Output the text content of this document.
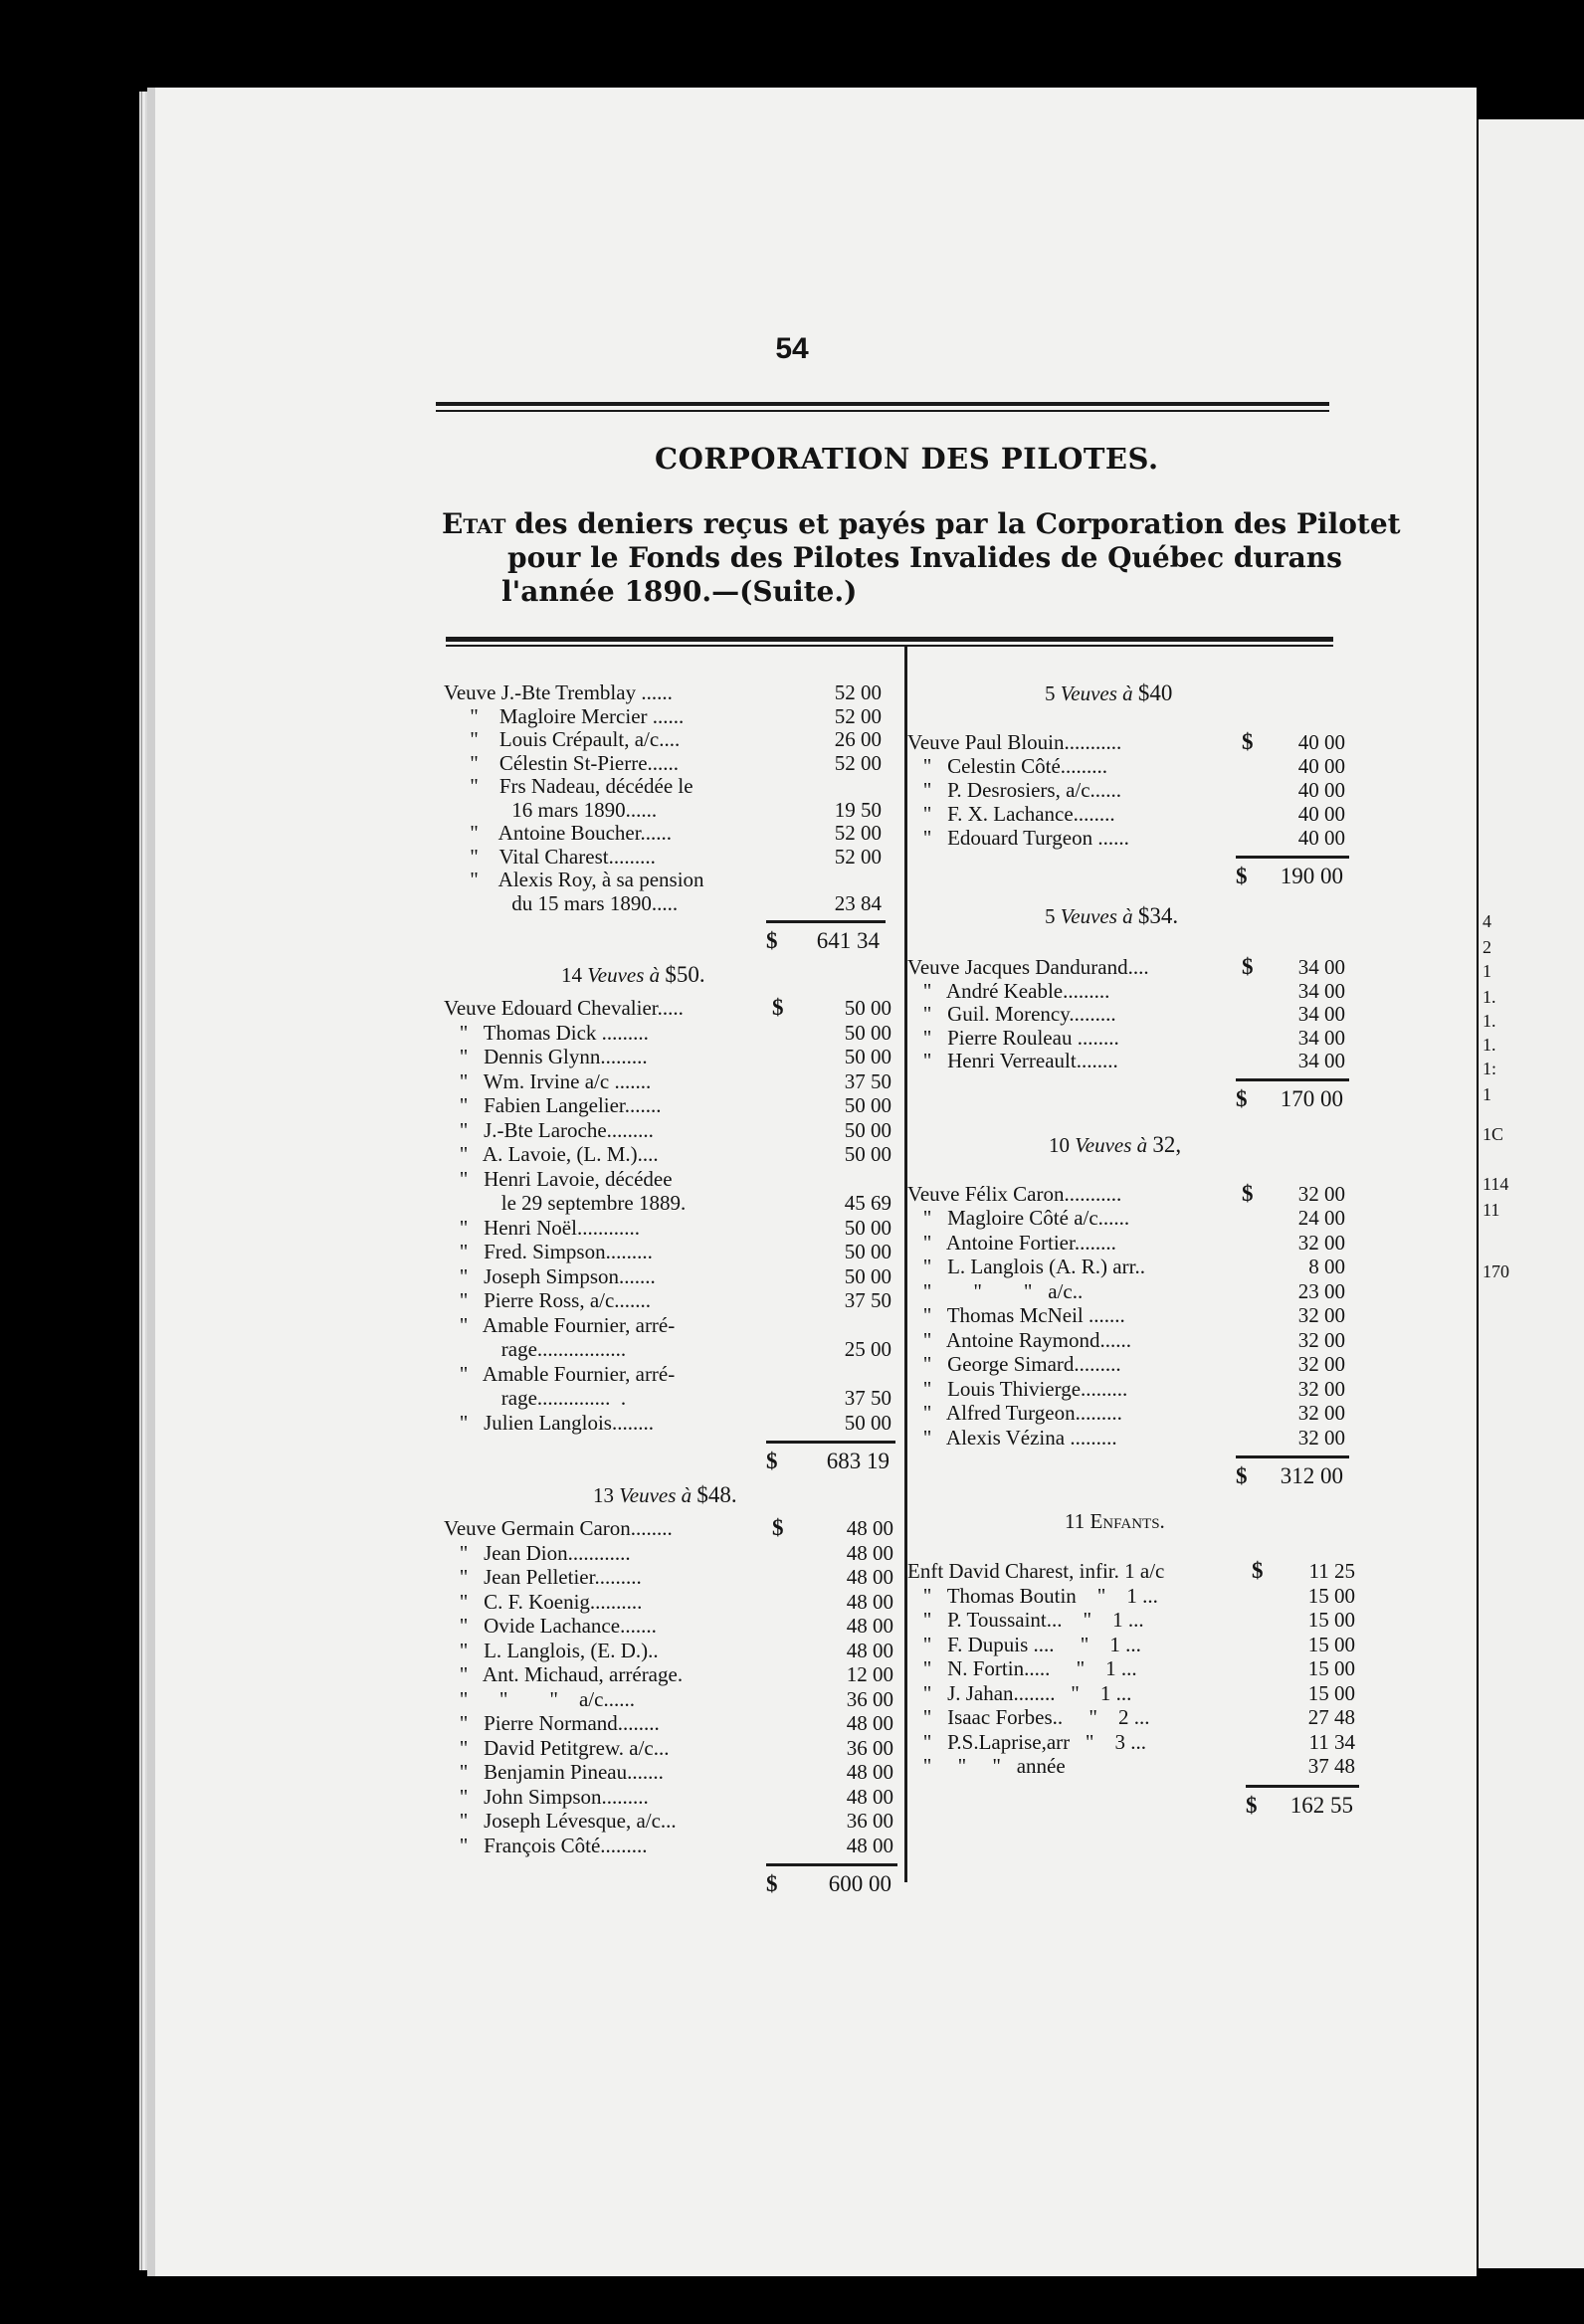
4
2
1
1.
1.
1.
1:
1
1C
114
11
170
54
CORPORATION DES PILOTES.
Etat des deniers reçus et payés par la Corporation des Pilotet
pour le Fonds des Pilotes Invalides de Québec durans
l'année 1890.—(Suite.)
Veuve J.-Bte Tremblay ......	52 00
"    Magloire Mercier ......	52 00
"    Louis Crépault, a/c....	26 00
"    Célestin St-Pierre......	52 00
"    Frs Nadeau, décédée le
16 mars 1890......	19 50
"    Antoine Boucher......	52 00
"    Vital Charest.........	52 00
"    Alexis Roy, à sa pension
du 15 mars 1890.....	23 84
$ 641 34
14 Veuves à $50.
Veuve Edouard Chevalier.....	$	50 00
"   Thomas Dick .........	50 00
"   Dennis Glynn.........	50 00
"   Wm. Irvine a/c .......	37 50
"   Fabien Langelier.......	50 00
"   J.-Bte Laroche.........	50 00
"   A. Lavoie, (L. M.)....	50 00
"   Henri Lavoie, décédee
le 29 septembre 1889.	45 69
"   Henri Noël............	50 00
"   Fred. Simpson.........	50 00
"   Joseph Simpson.......	50 00
"   Pierre Ross, a/c.......	37 50
"   Amable Fournier, arré-
rage.................	25 00
"   Amable Fournier, arré-
rage..............  .	37 50
"   Julien Langlois........	50 00
$ 683 19
13 Veuves à $48.
Veuve Germain Caron........	$	48 00
"   Jean Dion............	48 00
"   Jean Pelletier.........	48 00
"   C. F. Koenig..........	48 00
"   Ovide Lachance.......	48 00
"   L. Langlois, (E. D.)..	48 00
"   Ant. Michaud, arrérage.	12 00
"      "        "    a/c......	36 00
"   Pierre Normand........	48 00
"   David Petitgrew. a/c...	36 00
"   Benjamin Pineau.......	48 00
"   John Simpson.........	48 00
"   Joseph Lévesque, a/c...	36 00
"   François Côté.........	48 00
$ 600 00
5 Veuves à $40
Veuve Paul Blouin...........	$	40 00
"   Celestin Côté.........	40 00
"   P. Desrosiers, a/c......	40 00
"   F. X. Lachance........	40 00
"   Edouard Turgeon ......	40 00
$ 190 00
5 Veuves à $34.
Veuve Jacques Dandurand....	$	34 00
"   André Keable.........	34 00
"   Guil. Morency.........	34 00
"   Pierre Rouleau ........	34 00
"   Henri Verreault........	34 00
$ 170 00
10 Veuves à 32,
Veuve Félix Caron...........	$	32 00
"   Magloire Côté a/c......	24 00
"   Antoine Fortier........	32 00
"   L. Langlois (A. R.) arr..	8 00
"        "        "   a/c..	23 00
"   Thomas McNeil .......	32 00
"   Antoine Raymond......	32 00
"   George Simard.........	32 00
"   Louis Thivierge.........	32 00
"   Alfred Turgeon.........	32 00
"   Alexis Vézina .........	32 00
$ 312 00
11 Enfants.
Enft David Charest, infir. 1 a/c	$	11 25
"   Thomas Boutin    "    1 ...	15 00
"   P. Toussaint...    "    1 ...	15 00
"   F. Dupuis ....     "    1 ...	15 00
"   N. Fortin.....     "    1 ...	15 00
"   J. Jahan........   "    1 ...	15 00
"   Isaac Forbes..     "    2 ...	27 48
"   P.S.Laprise,arr   "    3 ...	11 34
"     "     "   année	37 48
$ 162 55
